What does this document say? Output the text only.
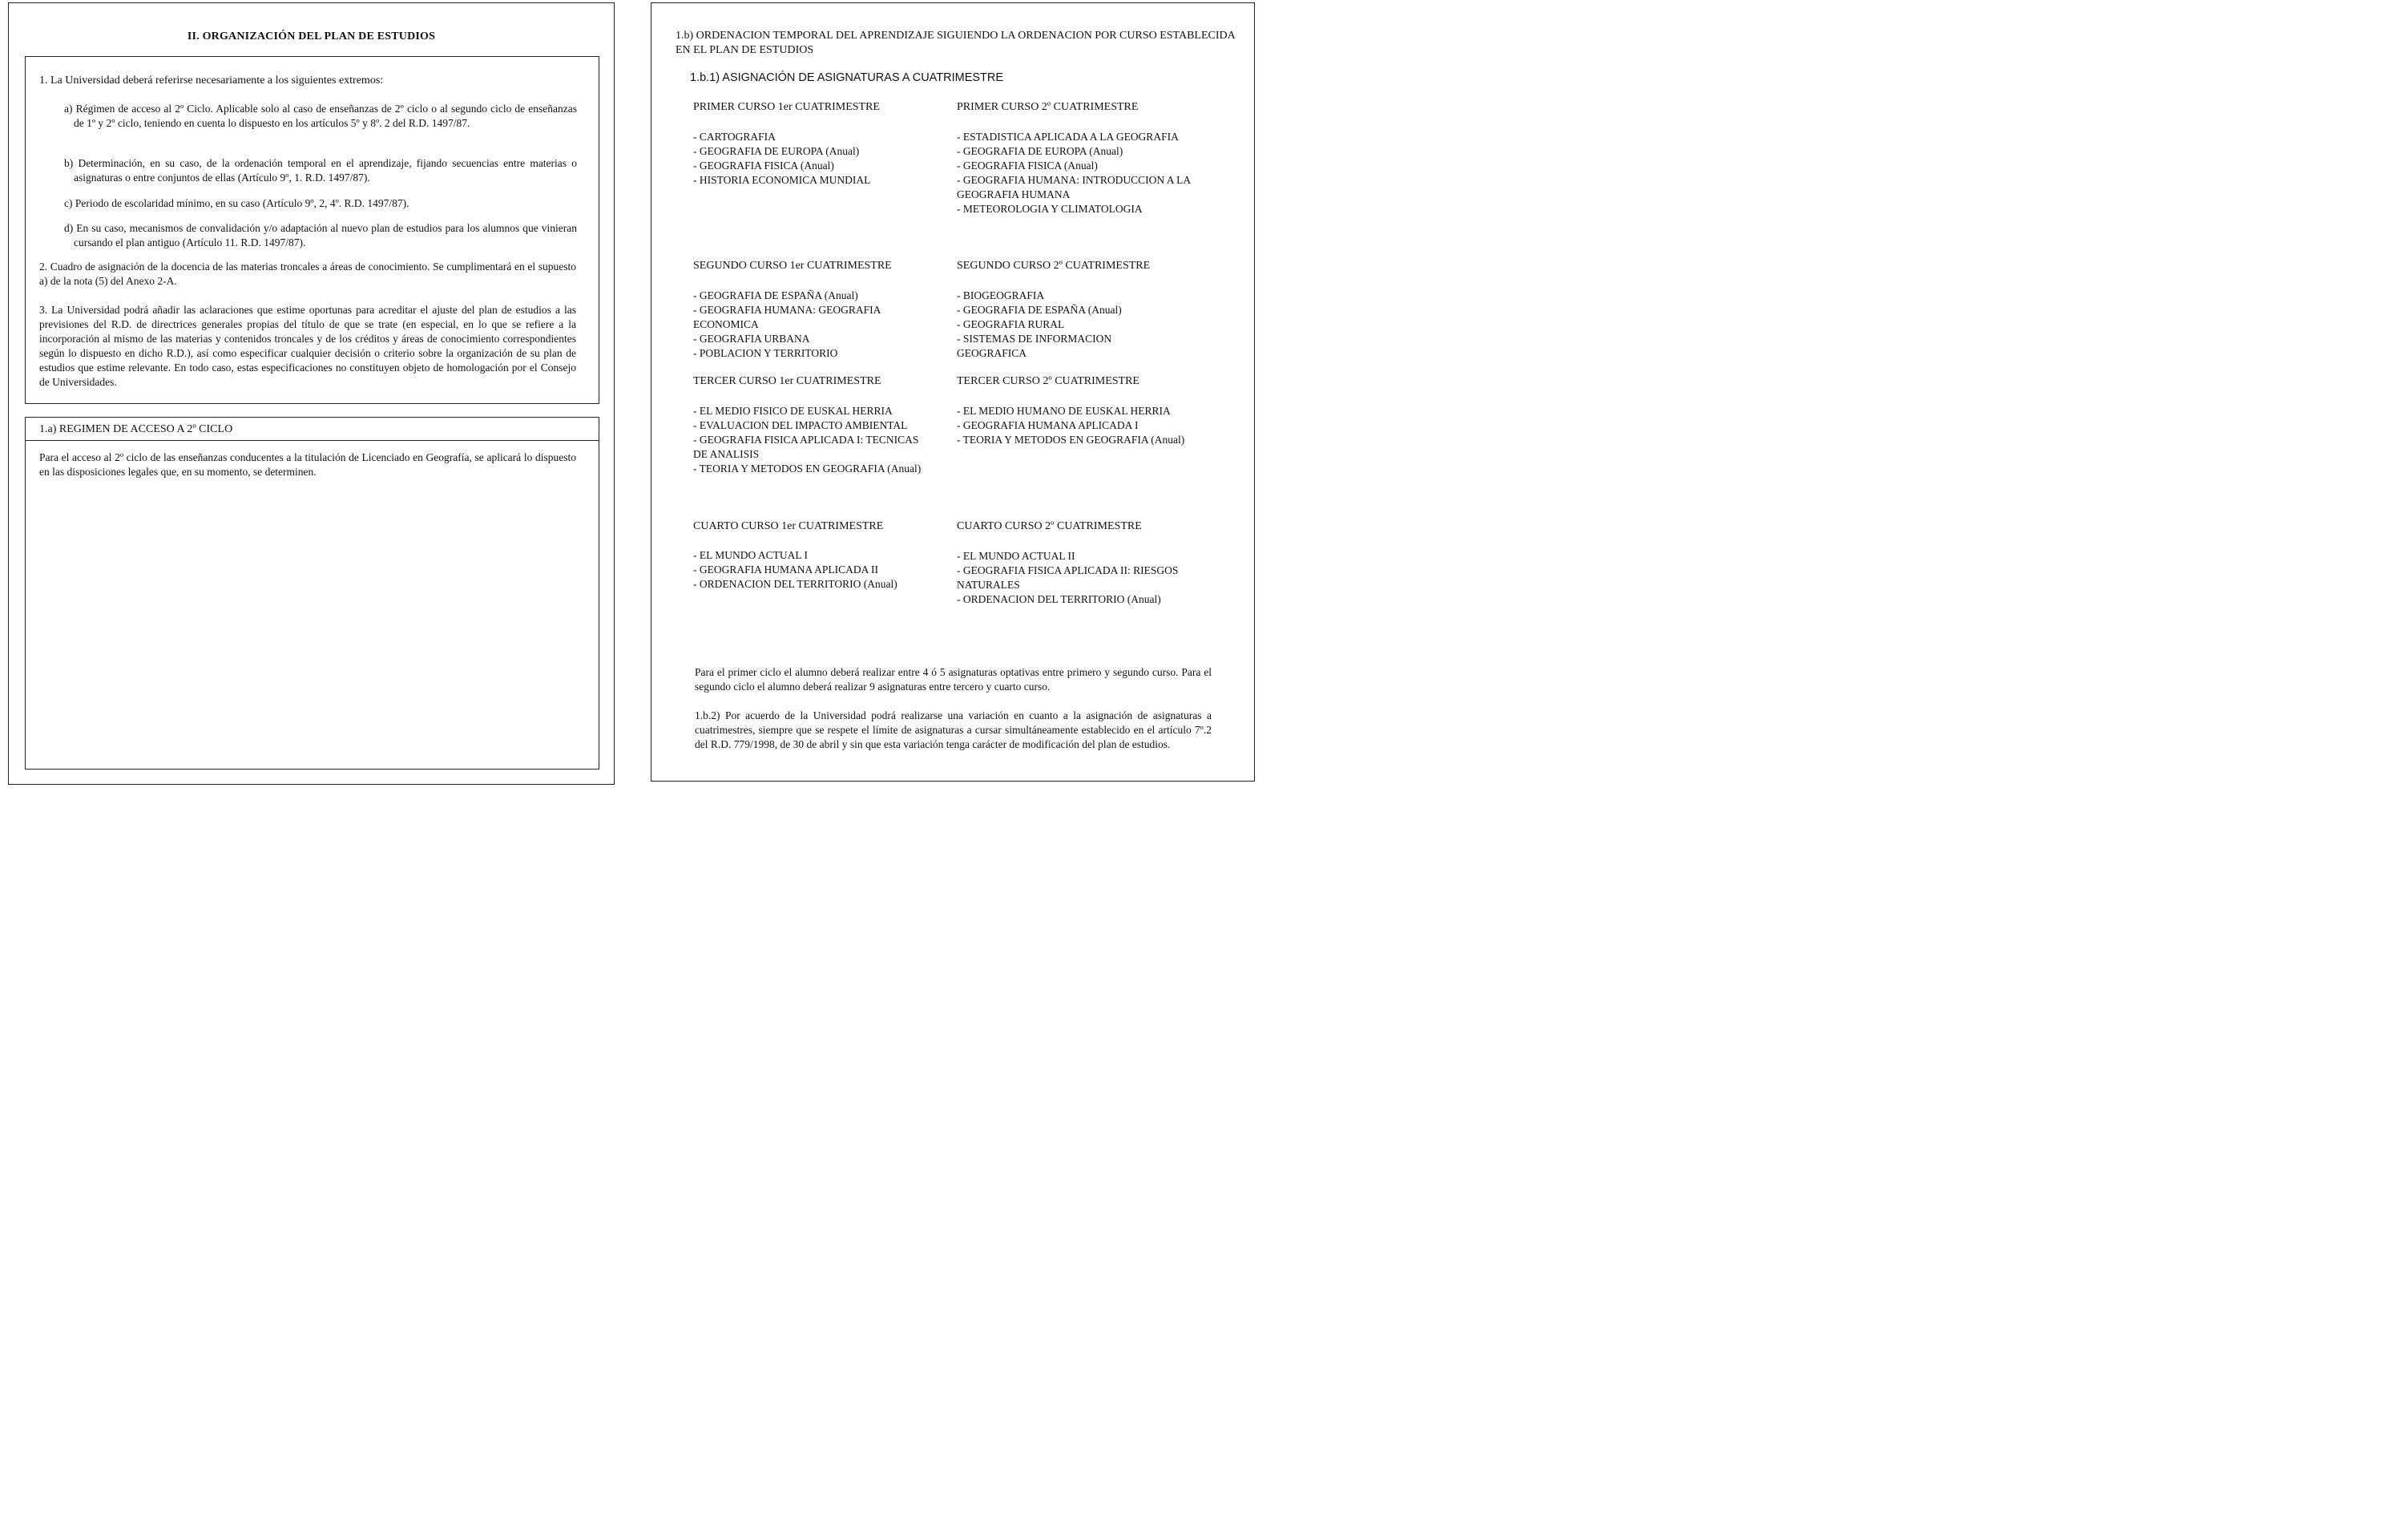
II. ORGANIZACIÓN DEL PLAN DE ESTUDIOS
1. La Universidad deberá referirse necesariamente a los siguientes extremos:
a) Régimen de acceso al 2º Ciclo. Aplicable solo al caso de enseñanzas de 2º ciclo o al segundo ciclo de enseñanzas de 1º y 2º ciclo, teniendo en cuenta lo dispuesto en los artículos 5º y 8º. 2 del R.D. 1497/87.
b) Determinación, en su caso, de la ordenación temporal en el aprendizaje, fijando secuencias entre materias o asignaturas o entre conjuntos de ellas (Artículo 9º, 1. R.D. 1497/87).
c) Periodo de escolaridad mínimo, en su caso (Artículo 9º, 2, 4º. R.D. 1497/87).
d) En su caso, mecanismos de convalidación y/o adaptación al nuevo plan de estudios para los alumnos que vinieran cursando el plan antiguo (Artículo 11. R.D. 1497/87).
2. Cuadro de asignación de la docencia de las materias troncales a áreas de conocimiento. Se cumplimentará en el supuesto a) de la nota (5) del Anexo 2-A.
3. La Universidad podrá añadir las aclaraciones que estime oportunas para acreditar el ajuste del plan de estudios a las previsiones del R.D. de directrices generales propias del título de que se trate (en especial, en lo que se refiere a la incorporación al mismo de las materias y contenidos troncales y de los créditos y áreas de conocimiento correspondientes según lo dispuesto en dicho R.D.), así como especificar cualquier decisión o criterio sobre la organización de su plan de estudios que estime relevante. En todo caso, estas especificaciones no constituyen objeto de homologación por el Consejo de Universidades.
1.a) REGIMEN DE ACCESO A 2º CICLO
Para el acceso al 2º ciclo de las enseñanzas conducentes a la titulación de Licenciado en Geografía, se aplicará lo dispuesto en las disposiciones legales que, en su momento, se determinen.
1.b) ORDENACION TEMPORAL DEL APRENDIZAJE SIGUIENDO LA ORDENACION POR CURSO ESTABLECIDA EN EL PLAN DE ESTUDIOS
1.b.1) ASIGNACIÓN DE ASIGNATURAS A CUATRIMESTRE
PRIMER CURSO 1er CUATRIMESTRE
- CARTOGRAFIA
- GEOGRAFIA DE EUROPA (Anual)
- GEOGRAFIA FISICA (Anual)
- HISTORIA ECONOMICA MUNDIAL
PRIMER CURSO 2º CUATRIMESTRE
- ESTADISTICA APLICADA A LA GEOGRAFIA
- GEOGRAFIA DE EUROPA (Anual)
- GEOGRAFIA FISICA (Anual)
- GEOGRAFIA HUMANA: INTRODUCCION A LA GEOGRAFIA HUMANA
- METEOROLOGIA Y CLIMATOLOGIA
SEGUNDO CURSO 1er CUATRIMESTRE
- GEOGRAFIA DE ESPAÑA (Anual)
- GEOGRAFIA HUMANA: GEOGRAFIA ECONOMICA
- GEOGRAFIA URBANA
- POBLACION Y TERRITORIO
SEGUNDO CURSO 2º CUATRIMESTRE
- BIOGEOGRAFIA
- GEOGRAFIA DE ESPAÑA (Anual)
- GEOGRAFIA RURAL
- SISTEMAS DE INFORMACION GEOGRAFICA
TERCER CURSO 1er CUATRIMESTRE
- EL MEDIO FISICO DE EUSKAL HERRIA
- EVALUACION DEL IMPACTO AMBIENTAL
- GEOGRAFIA FISICA APLICADA I: TECNICAS DE ANALISIS
- TEORIA Y METODOS EN GEOGRAFIA (Anual)
TERCER CURSO 2º CUATRIMESTRE
- EL MEDIO HUMANO DE EUSKAL HERRIA
- GEOGRAFIA HUMANA APLICADA I
- TEORIA Y METODOS EN GEOGRAFIA (Anual)
CUARTO CURSO 1er CUATRIMESTRE
- EL MUNDO ACTUAL I
- GEOGRAFIA HUMANA APLICADA II
- ORDENACION DEL TERRITORIO (Anual)
CUARTO CURSO 2º CUATRIMESTRE
- EL MUNDO ACTUAL II
- GEOGRAFIA FISICA APLICADA II: RIESGOS NATURALES
- ORDENACION DEL TERRITORIO (Anual)
Para el primer ciclo el alumno deberá realizar entre 4 ó 5 asignaturas optativas entre primero y segundo curso. Para el segundo ciclo el alumno deberá realizar 9 asignaturas entre tercero y cuarto curso.
1.b.2) Por acuerdo de la Universidad podrá realizarse una variación en cuanto a la asignación de asignaturas a cuatrimestres, siempre que se respete el límite de asignaturas a cursar simultáneamente establecido en el artículo 7º.2 del R.D. 779/1998, de 30 de abril y sin que esta variación tenga carácter de modificación del plan de estudios.
